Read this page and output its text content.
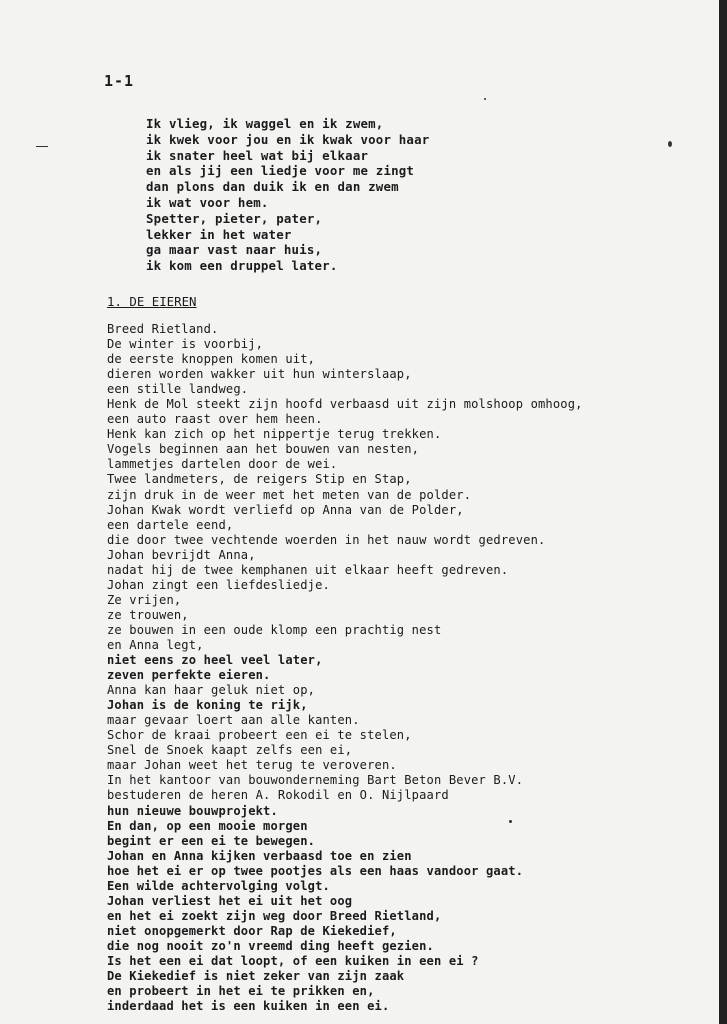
1-1
Ik vlieg, ik waggel en ik zwem,
ik kwek voor jou en ik kwak voor haar
ik snater heel wat bij elkaar
en als jij een liedje voor me zingt
dan plons dan duik ik en dan zwem
ik wat voor hem.
Spetter, pieter, pater,
lekker in het water
ga maar vast naar huis,
ik kom een druppel later.
1. DE EIEREN
Breed Rietland.
De winter is voorbij,
de eerste knoppen komen uit,
dieren worden wakker uit hun winterslaap,
een stille landweg.
Henk de Mol steekt zijn hoofd verbaasd uit zijn molshoop omhoog,
een auto raast over hem heen.
Henk kan zich op het nippertje terug trekken.
Vogels beginnen aan het bouwen van nesten,
lammetjes dartelen door de wei.
Twee landmeters, de reigers Stip en Stap,
zijn druk in de weer met het meten van de polder.
Johan Kwak wordt verliefd op Anna van de Polder,
een dartele eend,
die door twee vechtende woerden in het nauw wordt gedreven.
Johan bevrijdt Anna,
nadat hij de twee kemphanen uit elkaar heeft gedreven.
Johan zingt een liefdesliedje.
Ze vrijen,
ze trouwen,
ze bouwen in een oude klomp een prachtig nest
en Anna legt,
niet eens zo heel veel later,
zeven perfekte eieren.
Anna kan haar geluk niet op,
Johan is de koning te rijk,
maar gevaar loert aan alle kanten.
Schor de kraai probeert een ei te stelen,
Snel de Snoek kaapt zelfs een ei,
maar Johan weet het terug te veroveren.
In het kantoor van bouwonderneming Bart Beton Bever B.V.
bestuderen de heren A. Rokodil en O. Nijlpaard
hun nieuwe bouwprojekt.
En dan, op een mooie morgen
begint er een ei te bewegen.
Johan en Anna kijken verbaasd toe en zien
hoe het ei er op twee pootjes als een haas vandoor gaat.
Een wilde achtervolging volgt.
Johan verliest het ei uit het oog
en het ei zoekt zijn weg door Breed Rietland,
niet onopgemerkt door Rap de Kiekedief,
die nog nooit zo'n vreemd ding heeft gezien.
Is het een ei dat loopt, of een kuiken in een ei ?
De Kiekedief is niet zeker van zijn zaak
en probeert in het ei te prikken en,
inderdaad het is een kuiken in een ei.
